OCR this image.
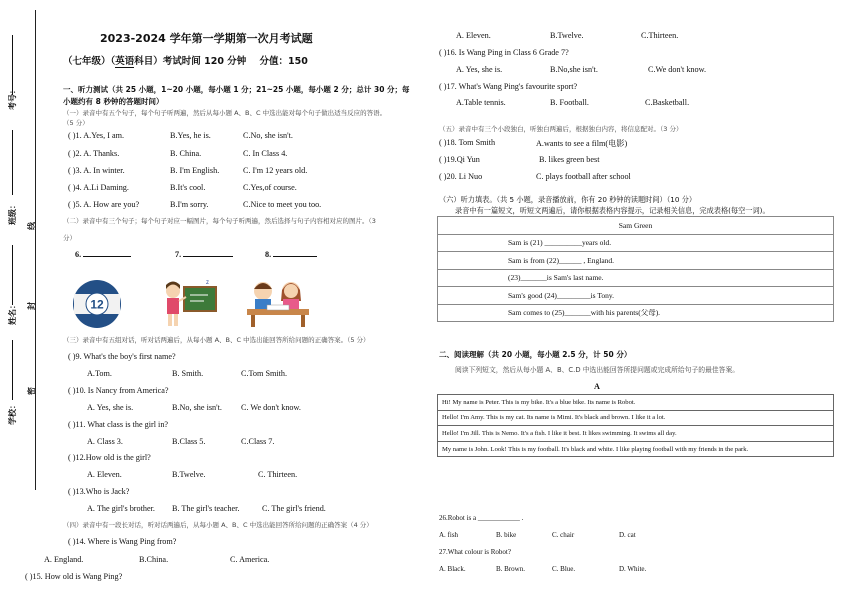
考号：
班级：
姓名：
学校：
线
封
密
2023-2024 学年第一学期第一次月考试题
（七年级）（英语科目）考试时间 120 分钟 分值：150
一、听力测试（共 25 小题，1~20 小题，每小题 1 分；21~25 小题，每小题 2 分；总计 30 分；每
小题约有 8 秒钟的答题时间）
（一）录音中有五个句子，每个句子听两遍，然后从每小题 A、B、C 中选出能对每个句子做出适当反应的答语。
（5 分）
( )1. A.Yes, I am.	B.Yes, he is.	C.No, she isn't.
( )2. A. Thanks.	B. China.	C. In Class 4.
( )3. A. In winter.	B. I'm English.	C. I'm 12 years old.
( )4. A.Li Daming.	B.It's cool.	C.Yes,of course.
( )5. A. How are you?	B.I'm sorry.	C.Nice to meet you too.
（二）录音中有三个句子；每个句子对应一幅图片，每个句子听两遍，然后选择与句子内容相对应的图片。（3
分）
6.	7.	8.
12
z
（三）录音中有五组对话，听对话两遍后，从每小题 A、B、C 中选出能回答所给问题的正确答案。（5 分）
( )9. What's the boy's first name?
A.Tom.	B. Smith.	C.Tom Smith.
( )10. Is Nancy from America?
A. Yes, she is.	B.No, she isn't. C. We don't know.
( )11. What class is the girl in?
A. Class 3.	B.Class 5.	C.Class 7.
( )12.How old is the girl?
A. Eleven.	B.Twelve.	C. Thirteen.
( )13.Who is Jack?
A. The girl's brother. B. The girl's teacher.	C. The girl's friend.
（四）录音中有一段长对话，听对话两遍后，从每小题 A、B、C 中选出能回答所给问题的正确答案（4 分）
( )14. Where is Wang Ping from?
A. England.	B.China.	C. America.
( )15. How old is Wang Ping?
A. Eleven.	B.Twelve.	C.Thirteen.
( )16. Is Wang Ping in Class 6 Grade 7?
A. Yes, she is.	B.No,she isn't.	C.We don't know.
( )17. What's Wang Ping's favourite sport?
A.Table tennis.	B. Football.	C.Basketball.
（五）录音中有三个小段独白，听独白两遍后，根据独白内容，将信息配对。（3 分）
( )18. Tom Smith	A.wants to see a film(电影)
( )19.Qi Yun	B. likes green best
( )20. Li Nuo	C. plays football after school
（六）听力填表。（共 5 小题，录音播放前，你有 20 秒钟的读题时间）（10 分）
录音中有一篇短文，听短文两遍后，请你根据表格内容提示，记录相关信息，完成表格(每空一词)。
Sam Green
Sam is (21) __________years old.
Sam is from (22)______ , England.
(23)_______is Sam's last name.
Sam's good (24)_________is Tony.
Sam comes to (25)_______with his parents(父母).
二、阅读理解（共 20 小题，每小题 2.5 分，计 50 分）
阅读下列短文，然后从每小题 A、B、C.D 中选出能回答所提问题或完成所给句子的最佳答案。
A
Hi! My name is Peter. This is my bike. It's a blue bike. Its name is Robot.
Hello! I'm Amy. This is my cat. Its name is Mimi. It's black and brown. I like it a lot.
Hello! I'm Jill. This is Nemo. It's a fish. I like it best. It likes swimming. It swims all day.
My name is John. Look! This is my football. It's black and white. I like playing football with my friends in the park.
26.Robot is a ____________ .
A. fish	B. bike	C. chair	D. cat
27.What colour is Robot?
A. Black.	B. Brown.	C. Blue.	D. White.
